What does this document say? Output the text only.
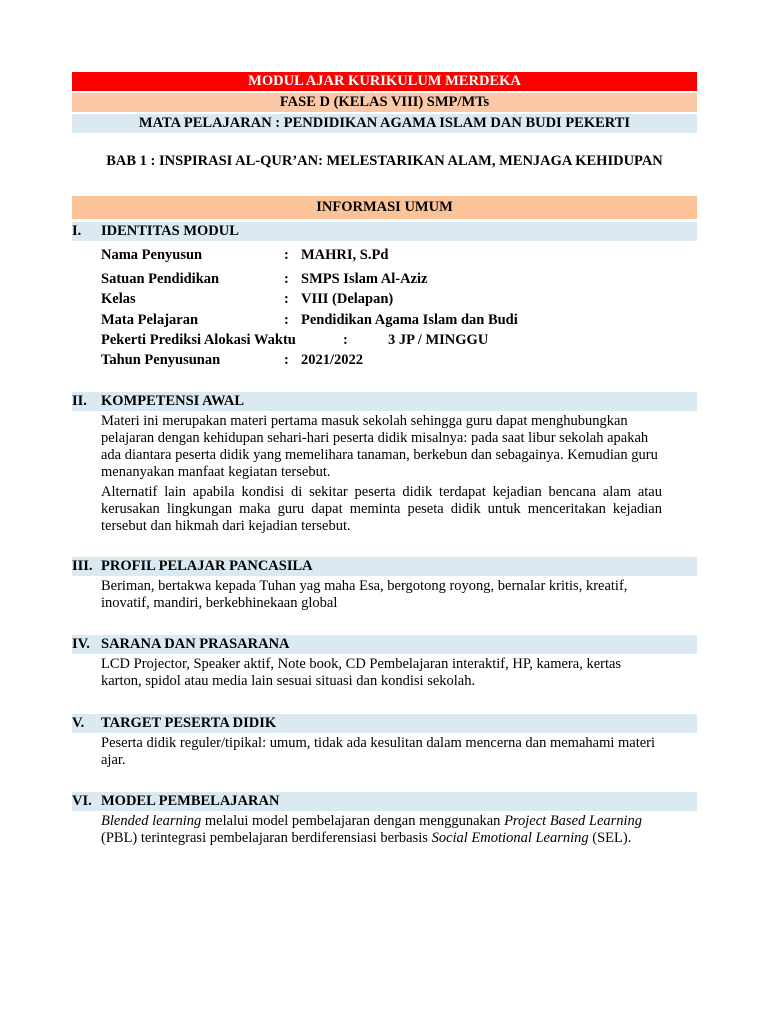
MODUL AJAR KURIKULUM MERDEKA
FASE D (KELAS VIII) SMP/MTs
MATA PELAJARAN : PENDIDIKAN AGAMA ISLAM DAN BUDI PEKERTI
BAB 1 : INSPIRASI AL-QUR’AN: MELESTARIKAN ALAM, MENJAGA KEHIDUPAN
INFORMASI UMUM
I. IDENTITAS MODUL
Nama Penyusun	: MAHRI, S.Pd
Satuan Pendidikan	: SMPS Islam Al-Aziz
Kelas	: VIII (Delapan)
Mata Pelajaran	: Pendidikan Agama Islam dan Budi
Pekerti Prediksi Alokasi Waktu	:	3 JP / MINGGU
Tahun Penyusunan	: 2021/2022
II. KOMPETENSI AWAL
Materi ini merupakan materi pertama masuk sekolah sehingga guru dapat menghubungkan pelajaran dengan kehidupan sehari-hari peserta didik misalnya: pada saat libur sekolah apakah ada diantara peserta didik yang memelihara tanaman, berkebun dan sebagainya. Kemudian guru menanyakan manfaat kegiatan tersebut.
Alternatif lain apabila kondisi di sekitar peserta didik terdapat kejadian bencana alam atau kerusakan lingkungan maka guru dapat meminta peseta didik untuk menceritakan kejadian tersebut dan hikmah dari kejadian tersebut.
III. PROFIL PELAJAR PANCASILA
Beriman, bertakwa kepada Tuhan yag maha Esa, bergotong royong, bernalar kritis, kreatif, inovatif, mandiri, berkebhinekaan global
IV. SARANA DAN PRASARANA
LCD Projector, Speaker aktif, Note book, CD Pembelajaran interaktif, HP, kamera, kertas karton, spidol atau media lain sesuai situasi dan kondisi sekolah.
V. TARGET PESERTA DIDIK
Peserta didik reguler/tipikal: umum, tidak ada kesulitan dalam mencerna dan memahami materi ajar.
VI. MODEL PEMBELAJARAN
Blended learning melalui model pembelajaran dengan menggunakan Project Based Learning (PBL) terintegrasi pembelajaran berdiferensiasi berbasis Social Emotional Learning (SEL).
